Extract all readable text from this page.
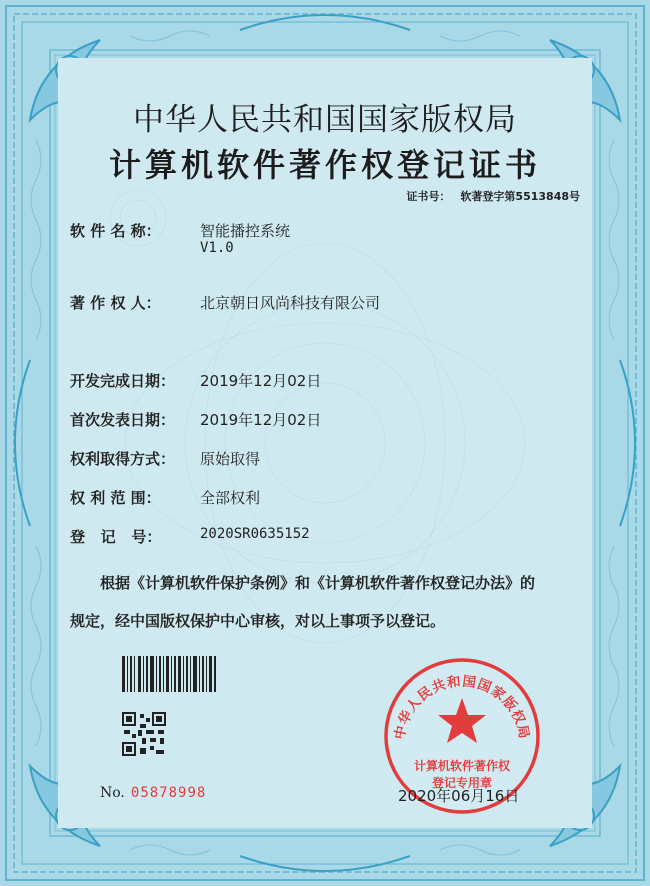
中华人民共和国国家版权局
计算机软件著作权登记证书
证书号： 软著登字第5513848号
软 件 名 称：	智能播控系统
V1.0
著 作 权 人：	北京朝日风尚科技有限公司
开发完成日期：	2019年12月02日
首次发表日期：	2019年12月02日
权利取得方式：	原始取得
权 利 范 围：	全部权利
登   记   号：	2020SR0635152
根据《计算机软件保护条例》和《计算机软件著作权登记办法》的
规定，经中国版权保护中心审核，对以上事项予以登记。
No. 05878998
中华人民共和国国家版权局
计算机软件著作权
登记专用章
2020年06月16日
